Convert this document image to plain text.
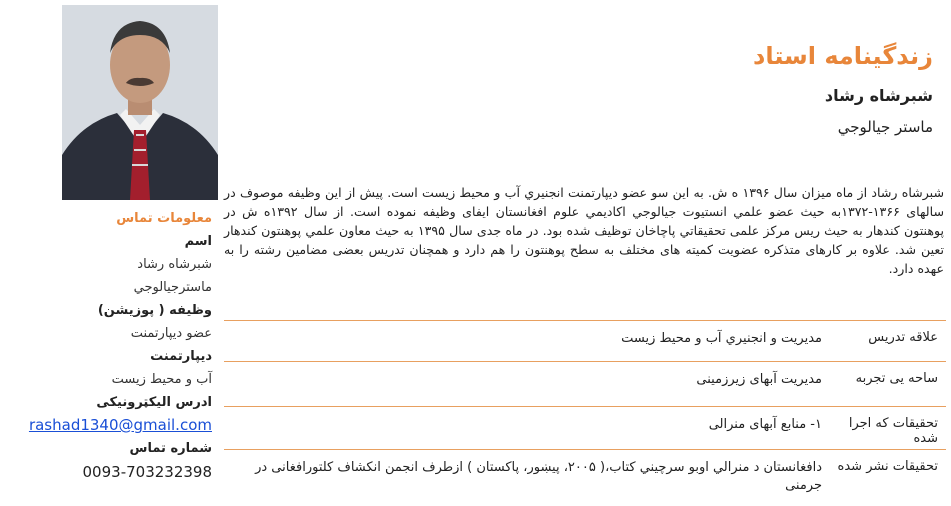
معلومات تماس
اسم
شبرشاه رشاد
ماسترجیالوجي
وظیفه ( پوزیشن)
عضو دیپارتمنت
دیپارتمنت
آب و محیط زیست
ادرس الیکټرونیکی
rashad1340@gmail.com
شماره تماس
0093-703232398
زندگینامه استاد
شبرشاه رشاد
ماستر جیالوجي
شبرشاه رشاد از ماه میزان سال ۱۳۹۶ ه ش. به این سو عضو دیپارتمنت انجنیري آب و محیط زیست است. پیش از این وظیفه موصوف در سالهای ۱۳۶۶-۱۳۷۲به حیث عضو علمي انستیوت جیالوجي اکادیمي علوم افغانستان ایفای وظیفه نموده است. از سال ۱۳۹۲ه ش در پوهنتون کندهار به حیث ریس مرکز علمی تحقیقاتي پاچاخان توظیف شده بود. در ماه جدی سال ۱۳۹۵ به حیث معاون علمي پوهنتون کندهار تعین شد. علاوه بر کارهای متذکره عضویت کمیته های مختلف به سطح پوهنتون را هم دارد و همچنان تدریس بعضی مضامین رشته را به عهده دارد.
علاقه تدریس
مدیریت و انجنیري آب و محیط زیست
ساحه یی تجربه
مدیریت آبهای زیرزمینی
تحقیقات که اجرا شده
۱- منابع آبهای منرالی
تحقیقات نشر شده
دافغانستان د منرالي اوبو سرچيني کتاب،( ۲۰۰۵، پيښور، پاکستان ) ازطرف انجمن انکشاف کلتورافغانی در جرمنی
